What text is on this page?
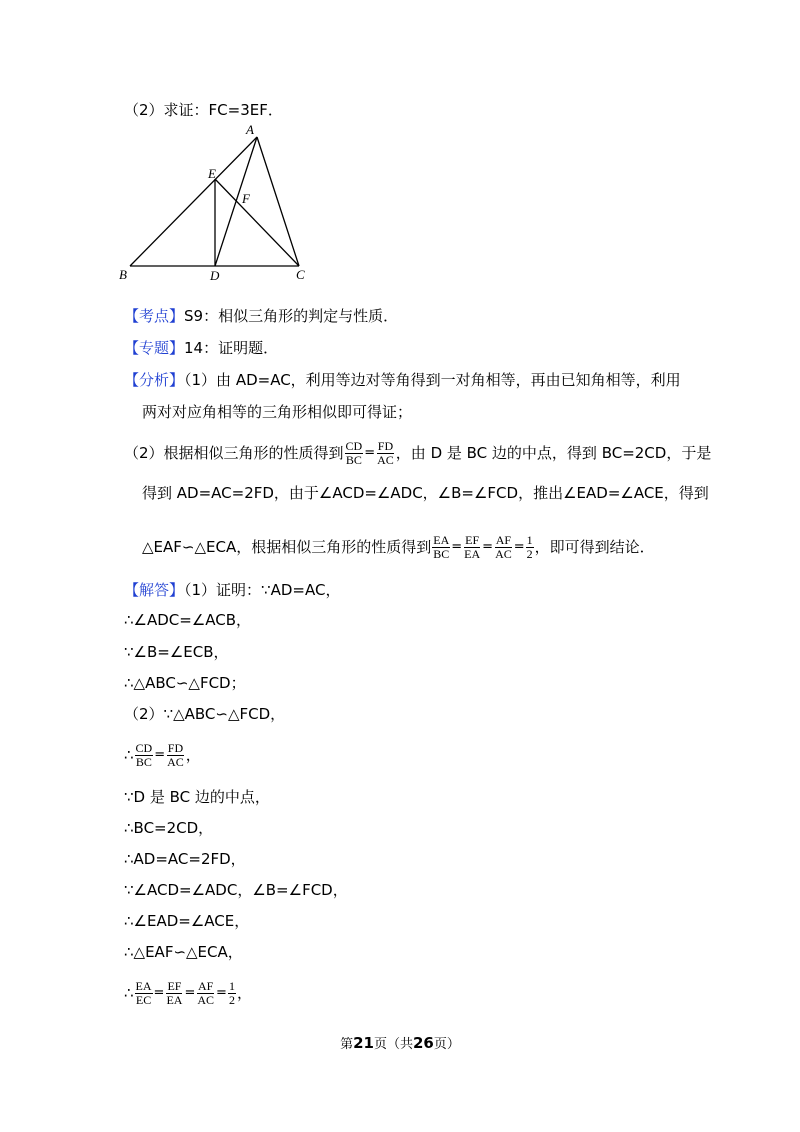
（2）求证：FC=3EF．
A
E
F
B	D	C
【考点】S9：相似三角形的判定与性质．
【专题】14：证明题．
【分析】（1）由 AD=AC，利用等边对等角得到一对角相等，再由已知角相等，利用
两对对应角相等的三角形相似即可得证；
（2）根据相似三角形的性质得到 $\frac{CD}{BC} = \frac{FD}{AC}$ ，由 D 是 BC 边的中点，得到 BC=2CD，于是
得到 AD=AC=2FD，由于∠ACD=∠ADC，∠B=∠FCD，推出∠EAD=∠ACE，得到
△EAF∽△ECA，根据相似三角形的性质得到 $\frac{EA}{BC} = \frac{EF}{EA} = \frac{AF}{AC} = \frac{1}{2}$ ，即可得到结论．
【解答】（1）证明：∵AD=AC，
∴∠ADC=∠ACB，
∵∠B=∠ECB，
∴△ABC∽△FCD；
（2）∵△ABC∽△FCD，
∴ $\frac{CD}{BC} = \frac{FD}{AC}$ ，
∵D 是 BC 边的中点，
∴BC=2CD，
∴AD=AC=2FD，
∵∠ACD=∠ADC，∠B=∠FCD，
∴∠EAD=∠ACE，
∴△EAF∽△ECA，
∴ $\frac{EA}{EC} = \frac{EF}{EA} = \frac{AF}{AC} = \frac{1}{2}$ ，
第21页（共26页）
